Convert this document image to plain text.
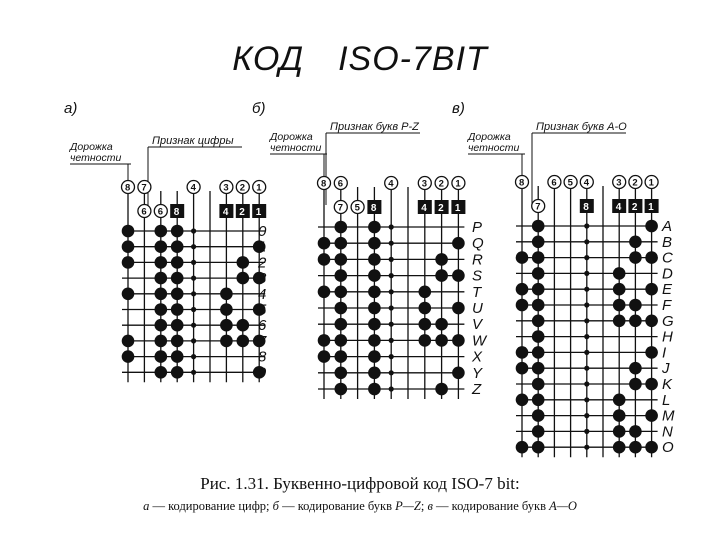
КОД ISO-7BIT
а)
Дорожка
четности
Признак цифры
8 7	4	3 2 1
6 6 8	4 2 1
0
1
2
3
4
5
6
7
8
9
б)
Дорожка
четности
Признак букв P-Z
8 6	4	3 2 1
7 5 8	4 2 1
P
Q
R
S
T
U
V
W
X
Y
Z
в)
Дорожка
четности
Признак букв A-O
8	6 5 4	3 2 1
7	8	4 2 1
A
B
C
D
E
F
G
H
I
J
K
L
M
N
O
Рис. 1.31. Буквенно-цифровой код ISO-7 bit:
а — кодирование цифр; б — кодирование букв P—Z; в — кодирование букв A—O
